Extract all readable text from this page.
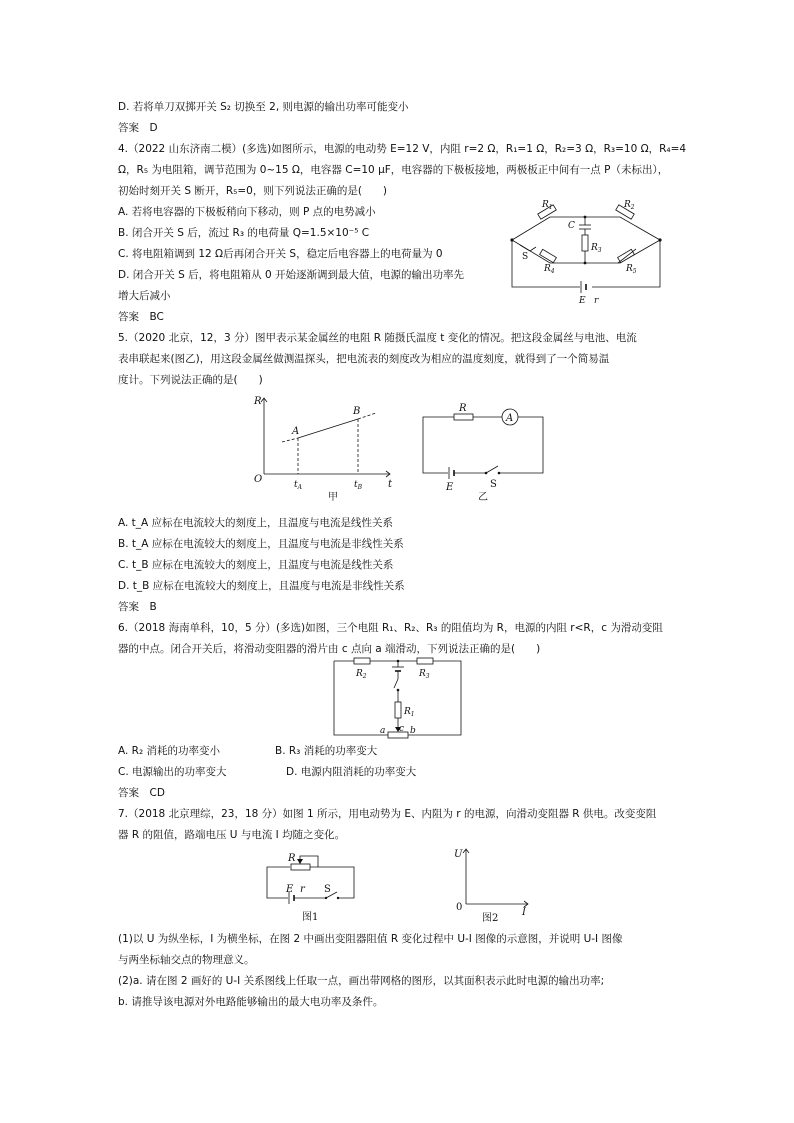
D. 若将单刀双掷开关 S₂ 切换至 2, 则电源的输出功率可能变小
答案　D
4.（2022 山东济南二模）(多选)如图所示，电源的电动势 E=12 V，内阻 r=2 Ω，R₁=1 Ω，R₂=3 Ω，R₃=10 Ω，R₄=4
Ω，R₅ 为电阻箱，调节范围为 0~15 Ω，电容器 C=10 μF，电容器的下极板接地，两极板正中间有一点 P（未标出），
初始时刻开关 S 断开，R₅=0，则下列说法正确的是(　　)
A. 若将电容器的下极板稍向下移动，则 P 点的电势减小
B. 闭合开关 S 后，流过 R₃ 的电荷量 Q=1.5×10⁻⁵ C
C. 将电阻箱调到 12 Ω后再闭合开关 S，稳定后电容器上的电荷量为 0
D. 闭合开关 S 后，将电阻箱从 0 开始逐渐调到最大值，电源的输出功率先
增大后减小
答案　BC
$R_1$	$R_2$
C
$R_3$
S
$R_4$	$R_5$
E r
5.（2020 北京，12，3 分）图甲表示某金属丝的电阻 R 随摄氏温度 t 变化的情况。把这段金属丝与电池、电流
表串联起来(图乙)，用这段金属丝做测温探头，把电流表的刻度改为相应的温度刻度，就得到了一个简易温
度计。下列说法正确的是(　　)
R
t
O
A
B
$t_A$	$t_B$
甲
R
A
E	S
乙
A. t_A 应标在电流较大的刻度上，且温度与电流是线性关系
B. t_A 应标在电流较大的刻度上，且温度与电流是非线性关系
C. t_B 应标在电流较大的刻度上，且温度与电流是线性关系
D. t_B 应标在电流较大的刻度上，且温度与电流是非线性关系
答案　B
6.（2018 海南单科，10，5 分）(多选)如图，三个电阻 R₁、R₂、R₃ 的阻值均为 R，电源的内阻 r<R，c 为滑动变阻
器的中点。闭合开关后，将滑动变阻器的滑片由 c 点向 a 端滑动，下列说法正确的是(　　)
$R_2$	$R_3$
$R_1$
a c b
A. R₂ 消耗的功率变小	B. R₃ 消耗的功率变大
C. 电源输出的功率变大	D. 电源内阻消耗的功率变大
答案　CD
7.（2018 北京理综，23，18 分）如图 1 所示，用电动势为 E、内阻为 r 的电源，向滑动变阻器 R 供电。改变变阻
器 R 的阻值，路端电压 U 与电流 I 均随之变化。
R
E r S
图1
U
I
0
图2
(1)以 U 为纵坐标，I 为横坐标，在图 2 中画出变阻器阻值 R 变化过程中 U-I 图像的示意图，并说明 U-I 图像
与两坐标轴交点的物理意义。
(2)a. 请在图 2 画好的 U-I 关系图线上任取一点，画出带网格的图形，以其面积表示此时电源的输出功率;
b. 请推导该电源对外电路能够输出的最大电功率及条件。
